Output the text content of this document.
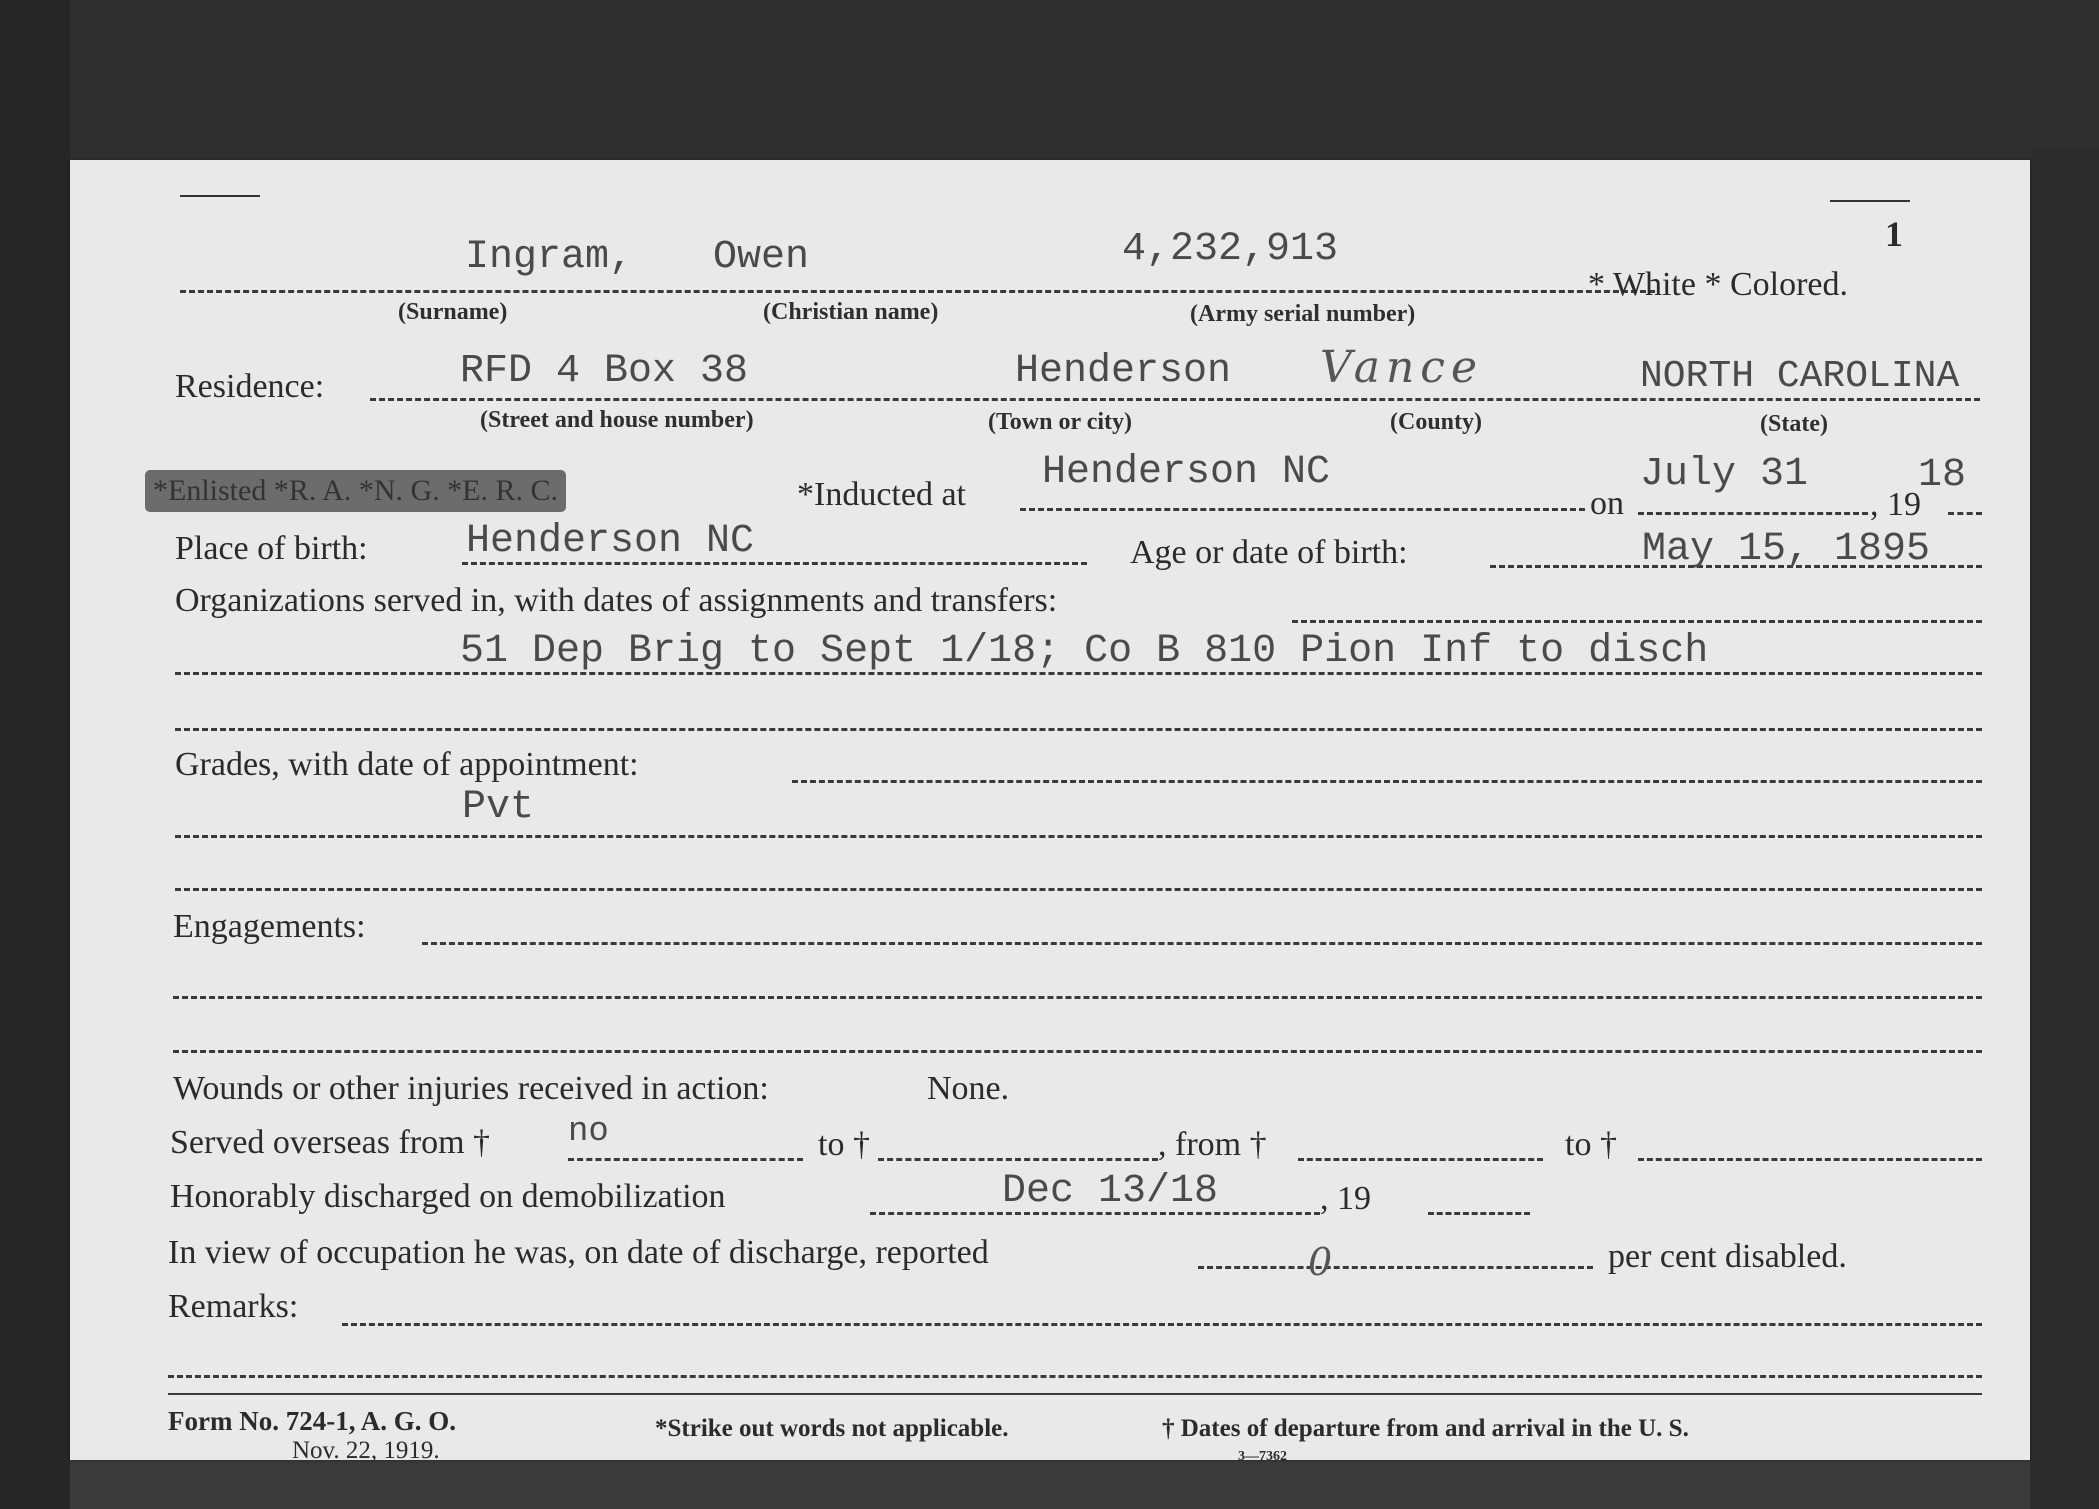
1
Ingram, Owen	4,232,913
* White * Colored.
(Surname)	(Christian name)	(Army serial number)
Residence:	RFD 4 Box 38	Henderson Vance	NORTH CAROLINA
(Street and house number)	(Town or city)	(County)	(State)
*Enlisted *R. A. *N. G. *E. R. C.	*Inducted at Henderson NC
on
July 31
, 19
18
Place of birth: Henderson NC	Age or date of birth:	May 15, 1895
Organizations served in, with dates of assignments and transfers:
51 Dep Brig to Sept 1/18; Co B 810 Pion Inf to disch
Grades, with date of appointment:
Pvt
Engagements:
Wounds or other injuries received in action:	None.
Served overseas from † no	to †	, from †	to †
Honorably discharged on demobilization	Dec 13/18	, 19
In view of occupation he was, on date of discharge, reported	0	per cent disabled.
Remarks:
Form No. 724-1, A. G. O.
Nov. 22, 1919.
*Strike out words not applicable.	† Dates of departure from and arrival in the U. S.
3—7362
